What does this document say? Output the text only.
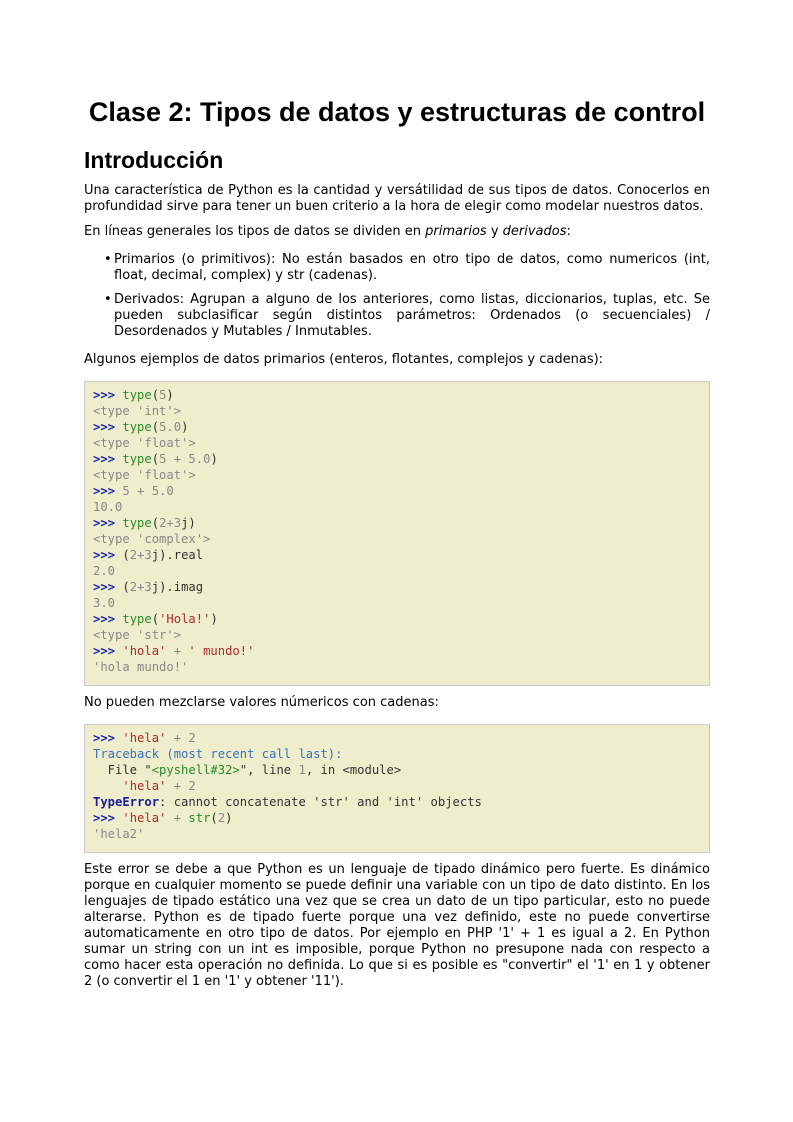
Clase 2: Tipos de datos y estructuras de control
Introducción

Una característica de Python es la cantidad y versátilidad de sus tipos de datos. Conocerlos en profundidad sirve para tener un buen criterio a la hora de elegir como modelar nuestros datos.

En líneas generales los tipos de datos se dividen en primarios y derivados:

• Primarios (o primitivos): No están basados en otro tipo de datos, como numericos (int, float, decimal, complex) y str (cadenas).
• Derivados: Agrupan a alguno de los anteriores, como listas, diccionarios, tuplas, etc. Se pueden subclasificar según distintos parámetros: Ordenados (o secuenciales) / Desordenados y Mutables / Inmutables.

Algunos ejemplos de datos primarios (enteros, flotantes, complejos y cadenas):

>>> type(5)
<type 'int'>
>>> type(5.0)
<type 'float'>
>>> type(5 + 5.0)
<type 'float'>
>>> 5 + 5.0
10.0
>>> type(2+3j)
<type 'complex'>
>>> (2+3j).real
2.0
>>> (2+3j).imag
3.0
>>> type('Hola!')
<type 'str'>
>>> 'hola' + ' mundo!'
'hola mundo!'

No pueden mezclarse valores númericos con cadenas:

>>> 'hela' + 2
Traceback (most recent call last):
File "<pyshell#32>", line 1, in <module>
'hela' + 2
TypeError: cannot concatenate 'str' and 'int' objects
>>> 'hela' + str(2)
'hela2'

Este error se debe a que Python es un lenguaje de tipado dinámico pero fuerte. Es dinámico porque en cualquier momento se puede definir una variable con un tipo de dato distinto. En los lenguajes de tipado estático una vez que se crea un dato de un tipo particular, esto no puede alterarse. Python es de tipado fuerte porque una vez definido, este no puede convertirse automaticamente en otro tipo de datos. Por ejemplo en PHP '1' + 1 es igual a 2. En Python sumar un string con un int es imposible, porque Python no presupone nada con respecto a como hacer esta operación no definida. Lo que si es posible es "convertir" el '1' en 1 y obtener 2 (o convertir el 1 en '1' y obtener '11').
